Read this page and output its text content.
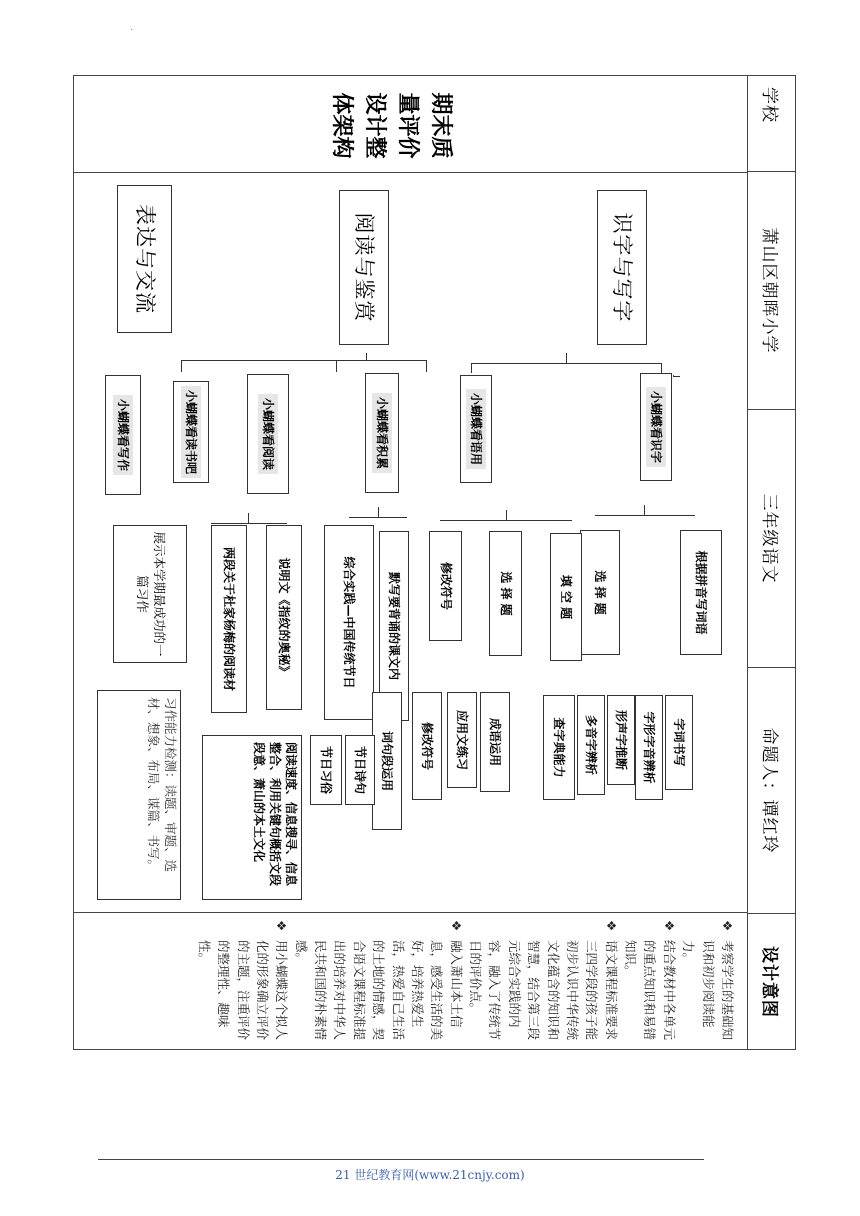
.
学校
萧山区朝晖小学
三年级语文
命题人：谭红玲
设计意图
期末质量评价设计整体架构
识字与写字
阅读与鉴赏
表达与交流
小蝴蝶看识字
小蝴蝶看语用
小蝴蝶看积累
小蝴蝶看阅读
小蝴蝶看读书吧
小蝴蝶看写作
根据拼音写词语
选 择 题
填 空 题
选 择 题
修改符号
默写要背诵的课文内
综合实践—中国传统节日
说明文《指纹的奥秘》
两段关于杜家杨梅的阅读材
展示本学期最成功的一篇习作
字词书写
字形字音辨析
形声字推断
多音字辨析
查字典能力
成语运用
应用文练习
修改符号
词句段运用
节日诗句
节日习俗
阅读速度、信息搜寻、信息整合、利用关键句概括文段段意、萧山的本土文化
习作能力检测：读题、审题、选材、想象、布局、谋篇、书写。
❖
考察学生的基础知识和初步阅读能力。
❖
结合教材中各单元的重点知识和易错知识。
❖
语文课程标准要求三四学段的孩子能初步认识中华传统文化蕴含的知识和智慧，结合第三段元综合实践的内容，融入了传统节日的评价点。
❖
融入萧山本土信息，感受生活的美好，培养热爱生活，热爱自己生活的土地的情感，契合语文课程标准提出的培养对中华人民共和国的朴素情感。
❖
用小蝴蝶这个拟人化的形象确立评价的主题，注重评价的整理性、趣味性。
21 世纪教育网(www.21cnjy.com)
